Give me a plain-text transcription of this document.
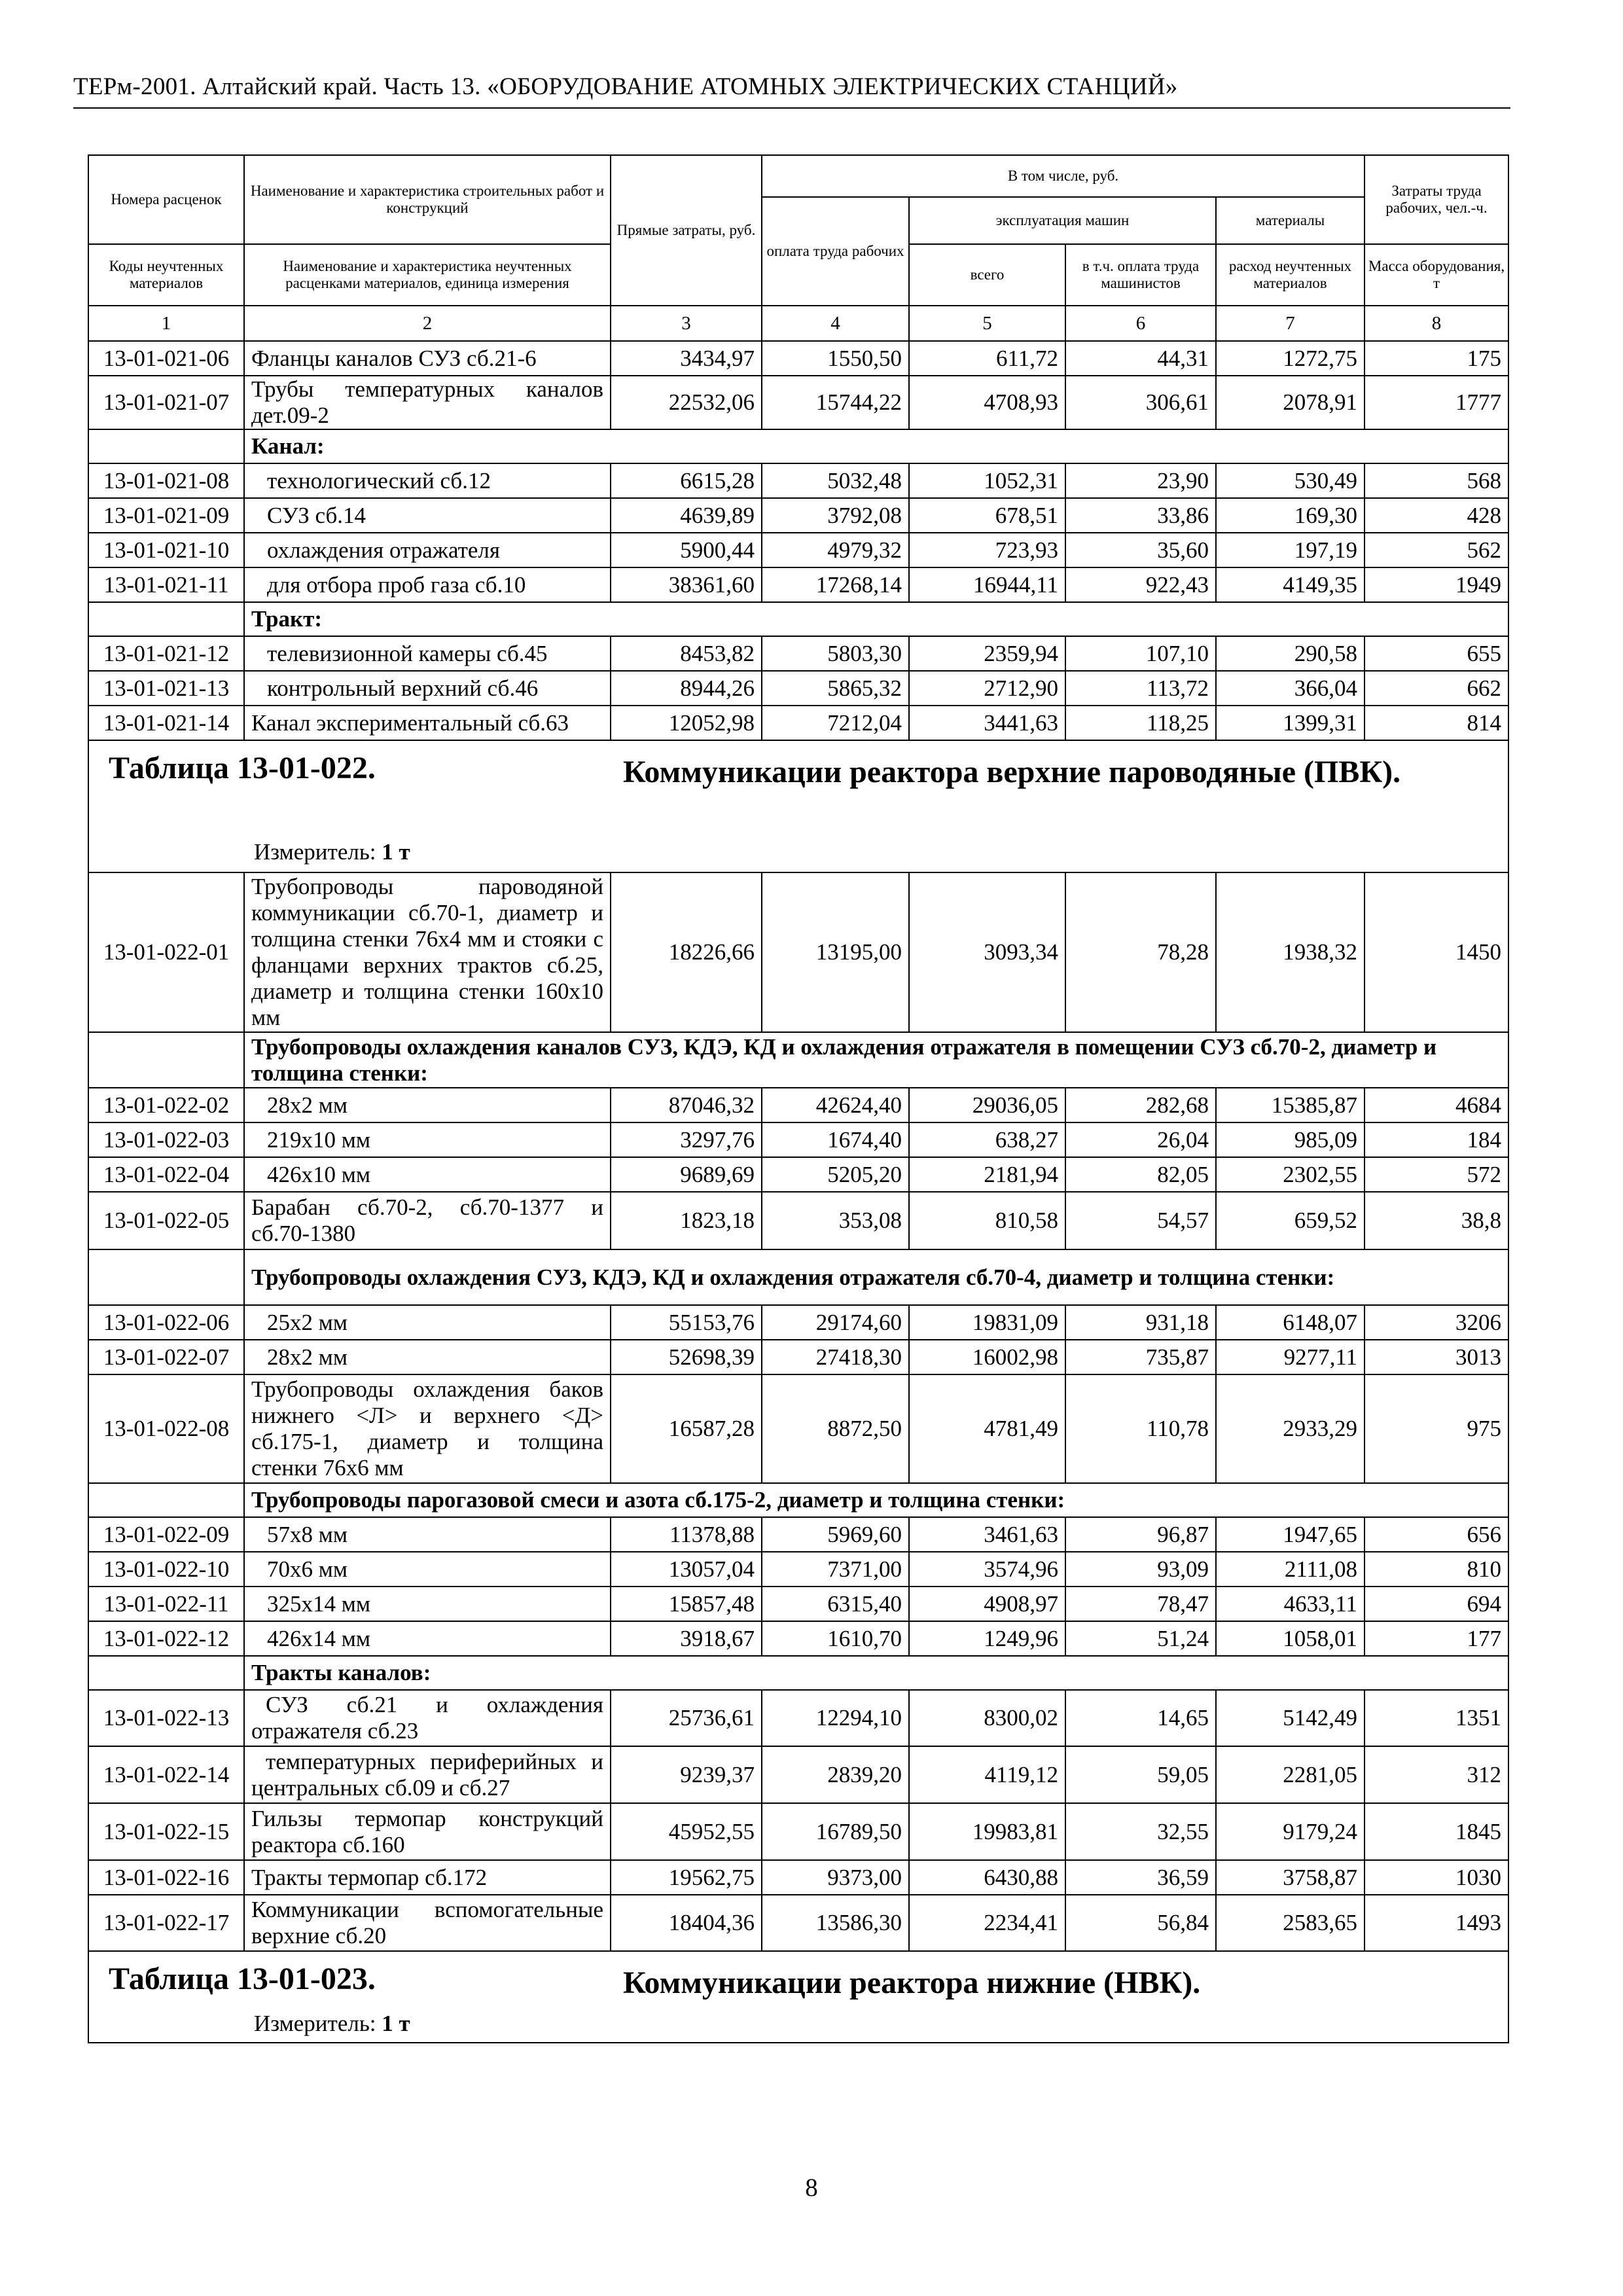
ТЕРм-2001. Алтайский край. Часть 13. «ОБОРУДОВАНИЕ АТОМНЫХ ЭЛЕКТРИЧЕСКИХ СТАНЦИЙ»
Номера расценок	Наименование и характеристика строительных работ и конструкций	Прямые затраты, руб.	В том числе, руб.				Затраты труда рабочих, чел.-ч.
			оплата труда рабочих	эксплуатация машин		материалы	
Коды неучтенных материалов	Наименование и характеристика неучтенных расценками материалов, единица измерения			всего	в т.ч. оплата труда машинистов	расход неучтенных материалов	Масса оборудования, т
1	2	3	4	5	6	7	8
13-01-021-06	Фланцы каналов СУЗ сб.21-6	3434,97	1550,50	611,72	44,31	1272,75	175
13-01-021-07	Трубы температурных каналов дет.09-2	22532,06	15744,22	4708,93	306,61	2078,91	1777
	Канал:						
13-01-021-08	технологический сб.12	6615,28	5032,48	1052,31	23,90	530,49	568
13-01-021-09	СУЗ сб.14	4639,89	3792,08	678,51	33,86	169,30	428
13-01-021-10	охлаждения отражателя	5900,44	4979,32	723,93	35,60	197,19	562
13-01-021-11	для отбора проб газа сб.10	38361,60	17268,14	16944,11	922,43	4149,35	1949
	Тракт:						
13-01-021-12	телевизионной камеры сб.45	8453,82	5803,30	2359,94	107,10	290,58	655
13-01-021-13	контрольный верхний сб.46	8944,26	5865,32	2712,90	113,72	366,04	662
13-01-021-14	Канал экспериментальный сб.63	12052,98	7212,04	3441,63	118,25	1399,31	814

Таблица 13-01-022. Коммуникации реактора верхние пароводяные (ПВК).
Измеритель: 1 т							

13-01-022-01	Трубопроводы пароводяной коммуникации сб.70-1, диаметр и толщина стенки 76х4 мм и стояки с фланцами верхних трактов сб.25, диаметр и толщина стенки 160х10 мм	18226,66	13195,00	3093,34	78,28	1938,32	1450
	Трубопроводы охлаждения каналов СУЗ, КДЭ, КД и охлаждения отражателя в помещении СУЗ сб.70-2, диаметр и толщина стенки:						
13-01-022-02	28х2 мм	87046,32	42624,40	29036,05	282,68	15385,87	4684
13-01-022-03	219х10 мм	3297,76	1674,40	638,27	26,04	985,09	184
13-01-022-04	426х10 мм	9689,69	5205,20	2181,94	82,05	2302,55	572
13-01-022-05	Барабан сб.70-2, сб.70-1377 и сб.70-1380	1823,18	353,08	810,58	54,57	659,52	38,8
	Трубопроводы охлаждения СУЗ, КДЭ, КД и охлаждения отражателя сб.70-4, диаметр и толщина стенки:						
13-01-022-06	25х2 мм	55153,76	29174,60	19831,09	931,18	6148,07	3206
13-01-022-07	28х2 мм	52698,39	27418,30	16002,98	735,87	9277,11	3013
13-01-022-08	Трубопроводы охлаждения баков нижнего <Л> и верхнего <Д> сб.175-1, диаметр и толщина стенки 76х6 мм	16587,28	8872,50	4781,49	110,78	2933,29	975
	Трубопроводы парогазовой смеси и азота сб.175-2, диаметр и толщина стенки:						
13-01-022-09	57х8 мм	11378,88	5969,60	3461,63	96,87	1947,65	656
13-01-022-10	70х6 мм	13057,04	7371,00	3574,96	93,09	2111,08	810
13-01-022-11	325х14 мм	15857,48	6315,40	4908,97	78,47	4633,11	694
13-01-022-12	426х14 мм	3918,67	1610,70	1249,96	51,24	1058,01	177
	Тракты каналов:						
13-01-022-13	СУЗ сб.21 и охлаждения отражателя сб.23	25736,61	12294,10	8300,02	14,65	5142,49	1351
13-01-022-14	температурных периферийных и центральных сб.09 и сб.27	9239,37	2839,20	4119,12	59,05	2281,05	312
13-01-022-15	Гильзы термопар конструкций реактора сб.160	45952,55	16789,50	19983,81	32,55	9179,24	1845
13-01-022-16	Тракты термопар сб.172	19562,75	9373,00	6430,88	36,59	3758,87	1030
13-01-022-17	Коммуникации вспомогательные верхние сб.20	18404,36	13586,30	2234,41	56,84	2583,65	1493

Таблица 13-01-023. Коммуникации реактора нижние (НВК).
Измеритель: 1 т							
8
